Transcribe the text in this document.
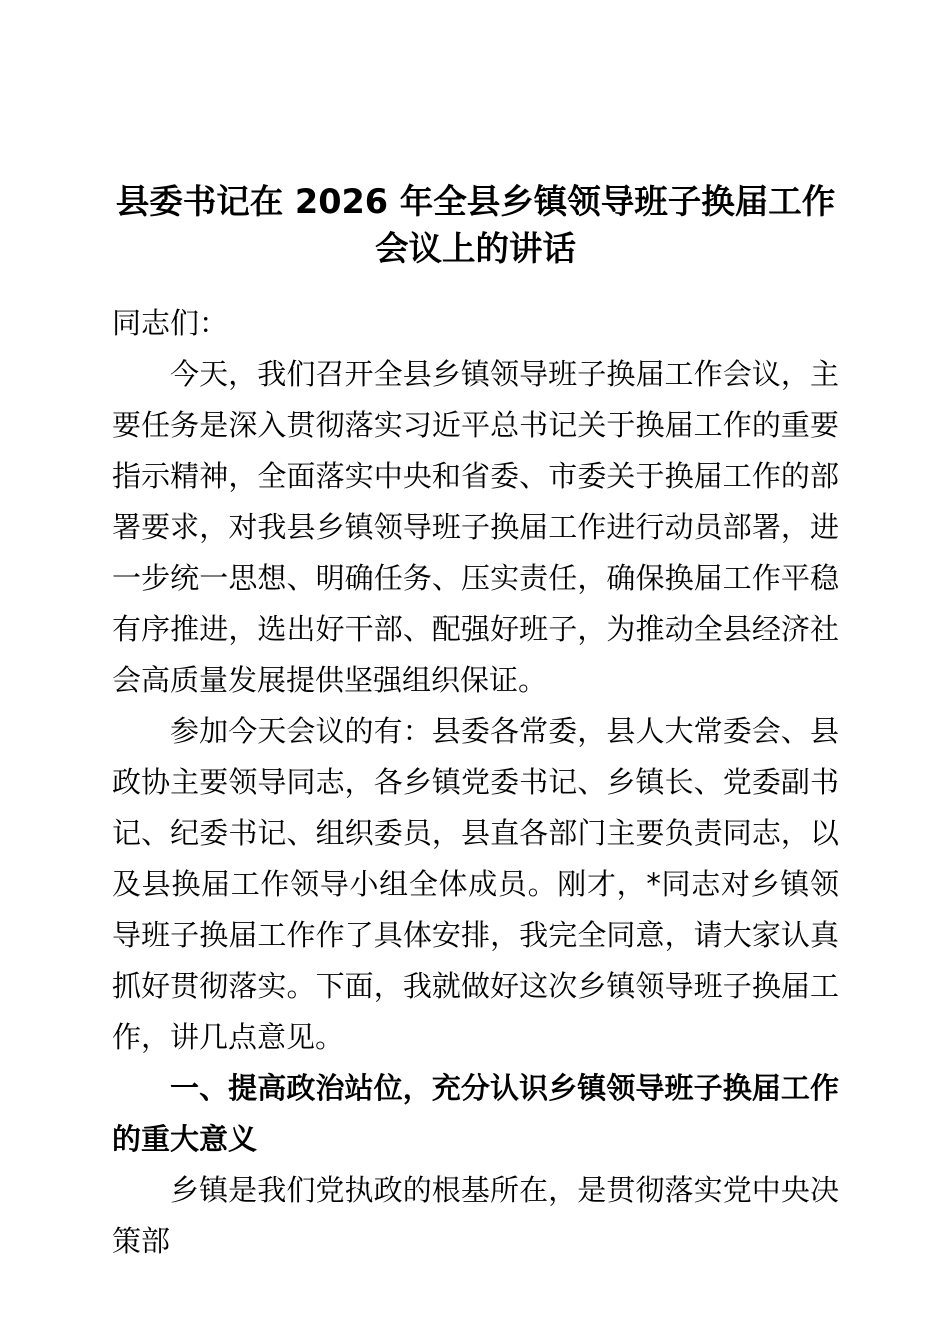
县委书记在 2026 年全县乡镇领导班子换届工作会议上的讲话

同志们：

今天，我们召开全县乡镇领导班子换届工作会议，主要任务是深入贯彻落实习近平总书记关于换届工作的重要指示精神，全面落实中央和省委、市委关于换届工作的部署要求，对我县乡镇领导班子换届工作进行动员部署，进一步统一思想、明确任务、压实责任，确保换届工作平稳有序推进，选出好干部、配强好班子，为推动全县经济社会高质量发展提供坚强组织保证。

参加今天会议的有：县委各常委，县人大常委会、县政协主要领导同志，各乡镇党委书记、乡镇长、党委副书记、纪委书记、组织委员，县直各部门主要负责同志，以及县换届工作领导小组全体成员。刚才，*同志对乡镇领导班子换届工作作了具体安排，我完全同意，请大家认真抓好贯彻落实。下面，我就做好这次乡镇领导班子换届工作，讲几点意见。

一、提高政治站位，充分认识乡镇领导班子换届工作的重大意义

乡镇是我们党执政的根基所在，是贯彻落实党中央决策部
